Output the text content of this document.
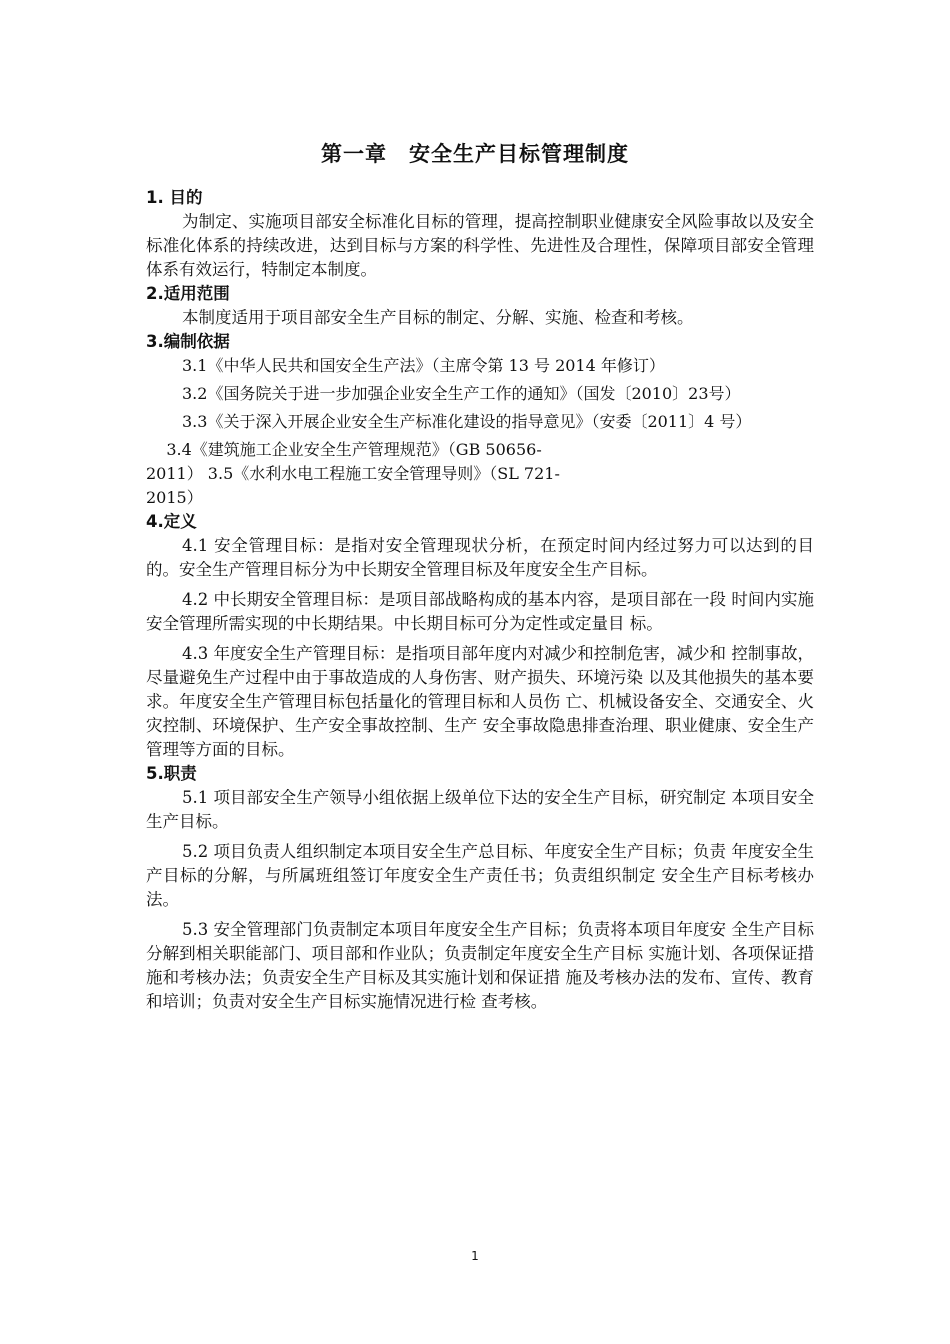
第一章　安全生产目标管理制度

1. 目的

为制定、实施项目部安全标准化目标的管理，提高控制职业健康安全风险事故以及安全标准化体系的持续改进，达到目标与方案的科学性、先进性及合理性，保障项目部安全管理体系有效运行，特制定本制度。

2.适用范围

本制度适用于项目部安全生产目标的制定、分解、实施、检查和考核。

3.编制依据

3.1《中华人民共和国安全生产法》（主席令第 13 号 2014 年修订）

3.2《国务院关于进一步加强企业安全生产工作的通知》（国发〔2010〕23号）

3.3《关于深入开展企业安全生产标准化建设的指导意见》（安委〔2011〕4 号）

3.4《建筑施工企业安全生产管理规范》（GB 50656-

2011） 3.5《水利水电工程施工安全管理导则》（SL 721-

2015）

4.定义

4.1 安全管理目标：是指对安全管理现状分析，在预定时间内经过努力可以达到的目的。安全生产管理目标分为中长期安全管理目标及年度安全生产目标。

4.2 中长期安全管理目标：是项目部战略构成的基本内容，是项目部在一段 时间内实施安全管理所需实现的中长期结果。中长期目标可分为定性或定量目 标。

4.3 年度安全生产管理目标：是指项目部年度内对减少和控制危害，减少和 控制事故，尽量避免生产过程中由于事故造成的人身伤害、财产损失、环境污染 以及其他损失的基本要求。年度安全生产管理目标包括量化的管理目标和人员伤 亡、机械设备安全、交通安全、火灾控制、环境保护、生产安全事故控制、生产 安全事故隐患排查治理、职业健康、安全生产管理等方面的目标。

5.职责

5.1 项目部安全生产领导小组依据上级单位下达的安全生产目标，研究制定 本项目安全生产目标。

5.2 项目负责人组织制定本项目安全生产总目标、年度安全生产目标；负责 年度安全生产目标的分解，与所属班组签订年度安全生产责任书；负责组织制定 安全生产目标考核办法。

5.3 安全管理部门负责制定本项目年度安全生产目标；负责将本项目年度安 全生产目标分解到相关职能部门、项目部和作业队；负责制定年度安全生产目标 实施计划、各项保证措施和考核办法；负责安全生产目标及其实施计划和保证措 施及考核办法的发布、宣传、教育和培训；负责对安全生产目标实施情况进行检 查考核。

1
